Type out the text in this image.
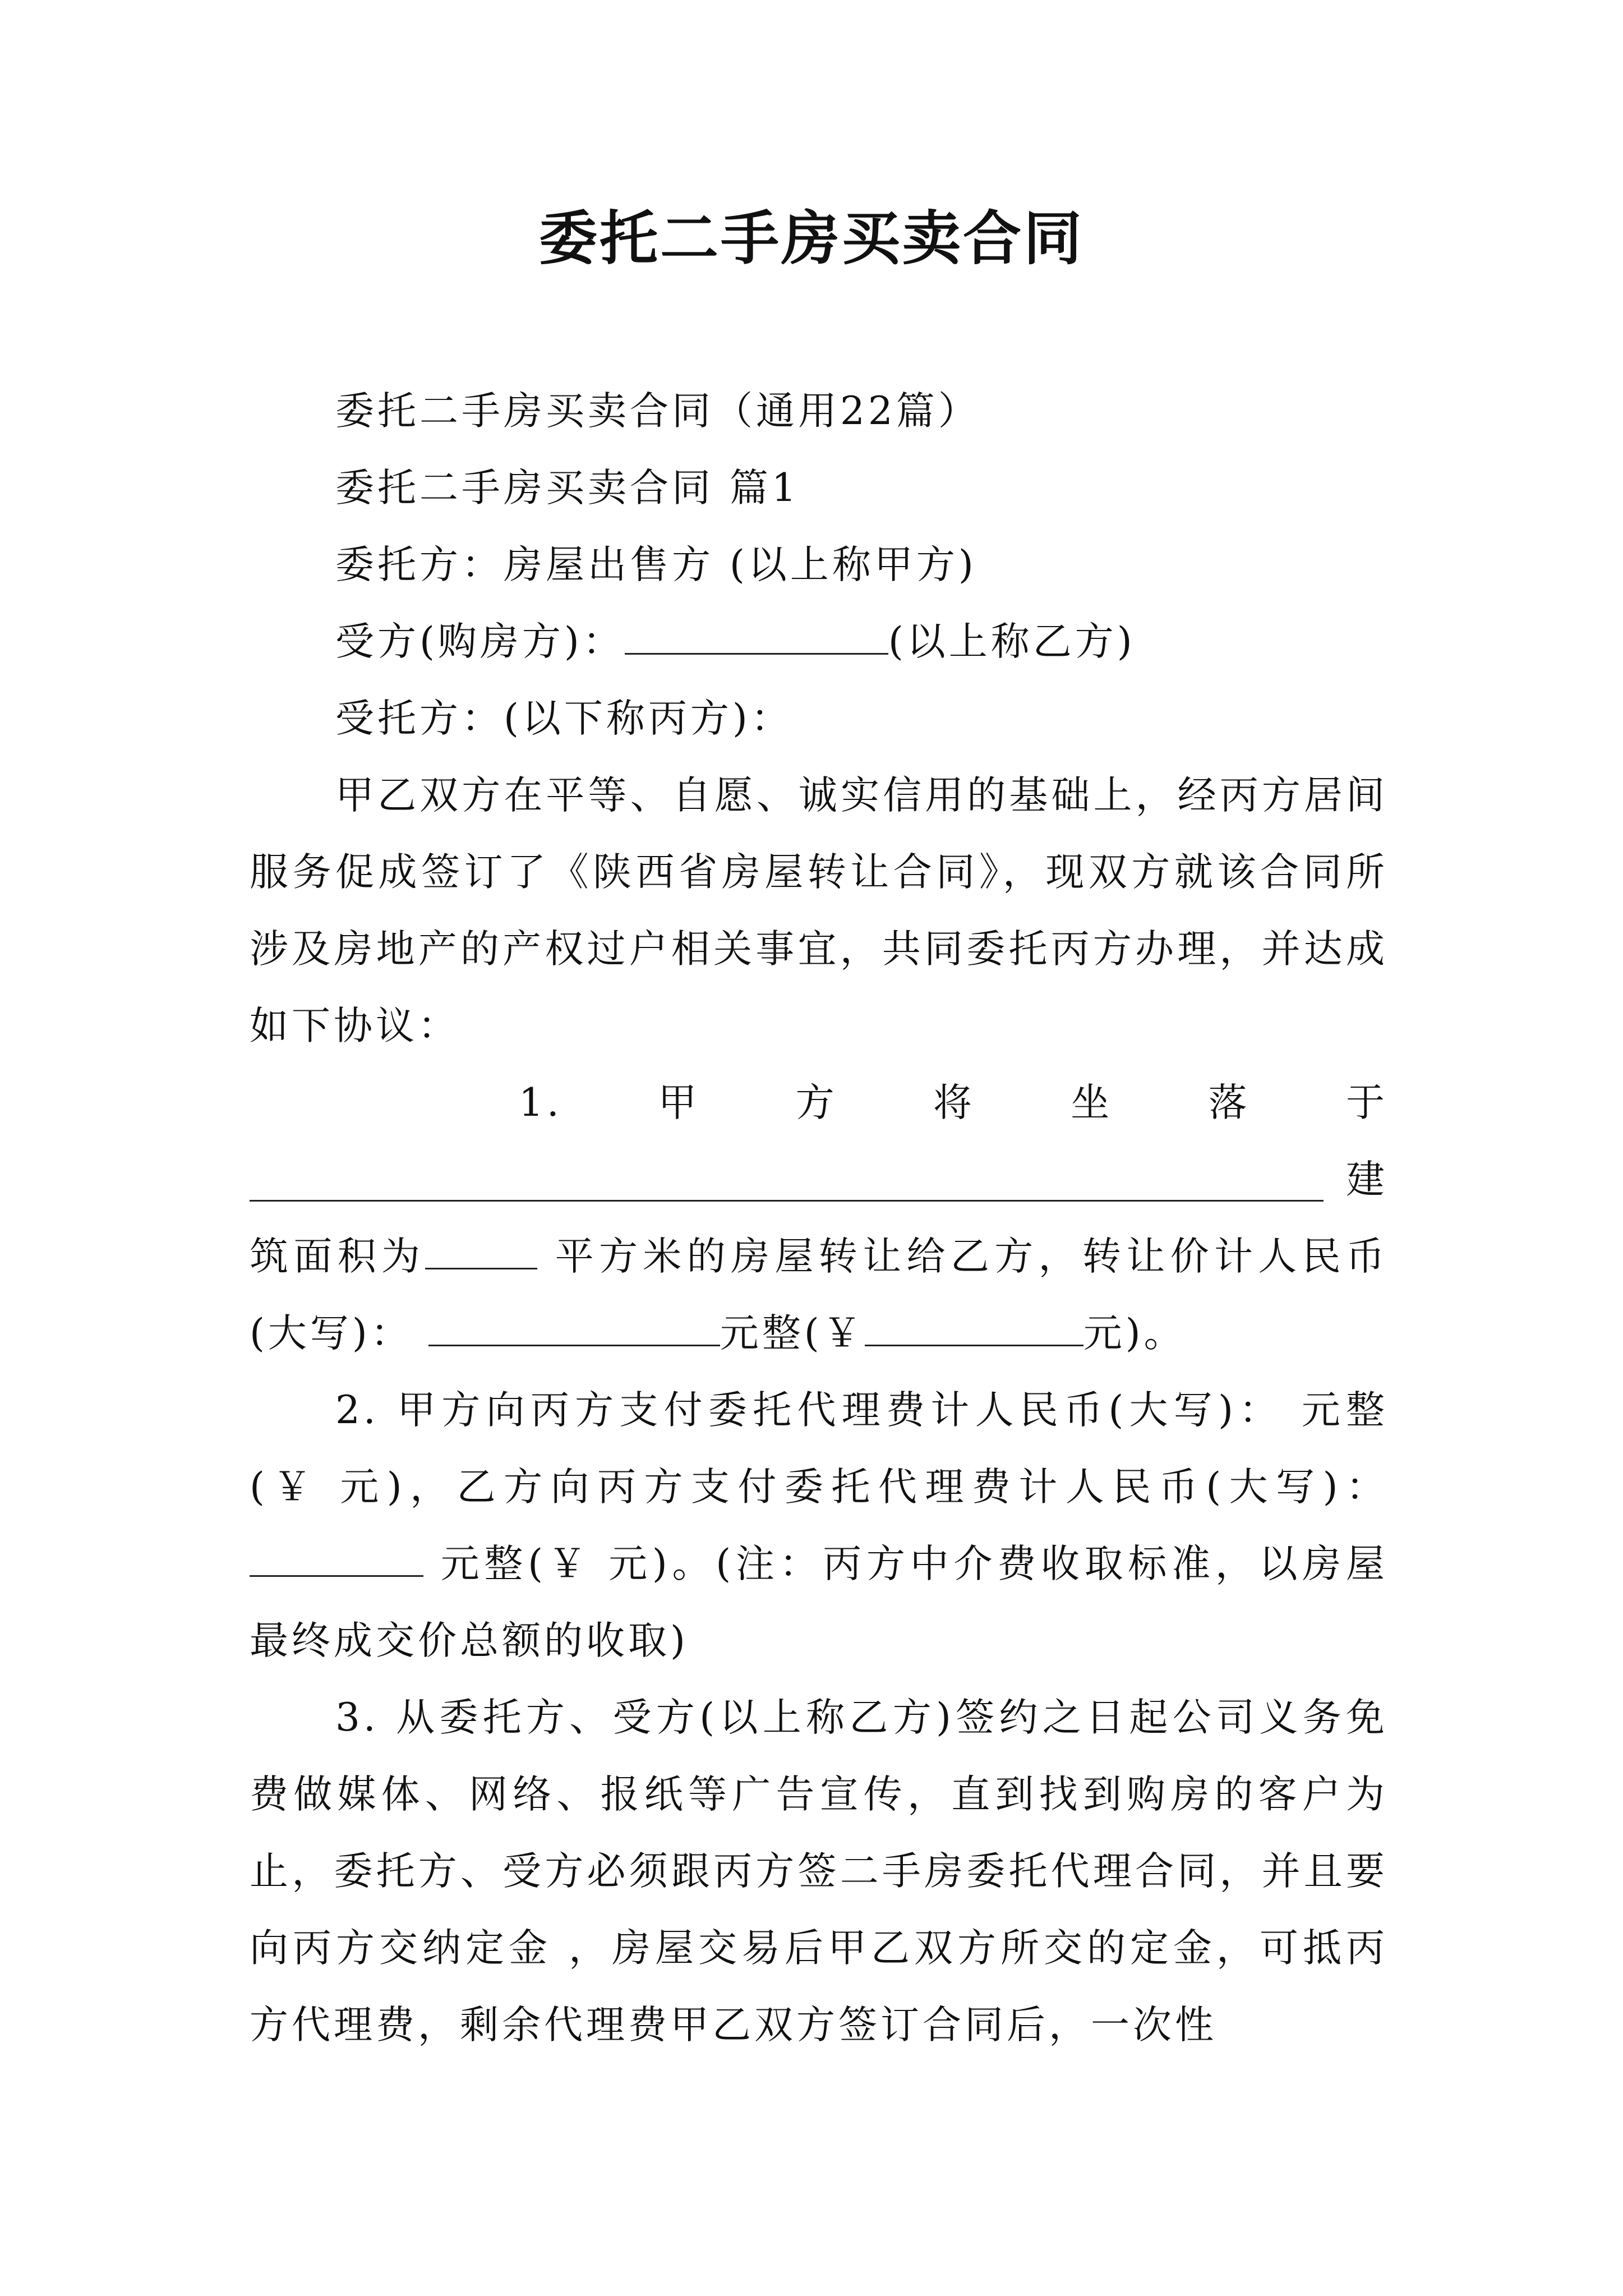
委托二手房买卖合同

委托二手房买卖合同（通用22篇）

委托二手房买卖合同 篇1

委托方：房屋出售方 (以上称甲方)

受方(购房方)：	(以上称乙方)

受托方：(以下称丙方)：

甲乙双方在平等、自愿、诚实信用的基础上，经丙方居间服务促成签订了《陕西省房屋转让合同》，现双方就该合同所涉及房地产的产权过户相关事宜，共同委托丙方办理，并达成如下协议：

1. 甲 方 将 坐 落 于

建

筑面积为	平方米的房屋转让给乙方，转让价计人民币(大写)：	元整(￥	元)。

2. 甲方向丙方支付委托代理费计人民币(大写)： 元整(￥ 元)，乙方向丙方支付委托代理费计人民币(大写)： 元整(￥ 元)。(注：丙方中介费收取标准，以房屋最终成交价总额的收取)

3. 从委托方、受方(以上称乙方)签约之日起公司义务免费做媒体、网络、报纸等广告宣传，直到找到购房的客户为止，委托方、受方必须跟丙方签二手房委托代理合同，并且要向丙方交纳定金 ，房屋交易后甲乙双方所交的定金，可抵丙方代理费，剩余代理费甲乙双方签订合同后，一次性
